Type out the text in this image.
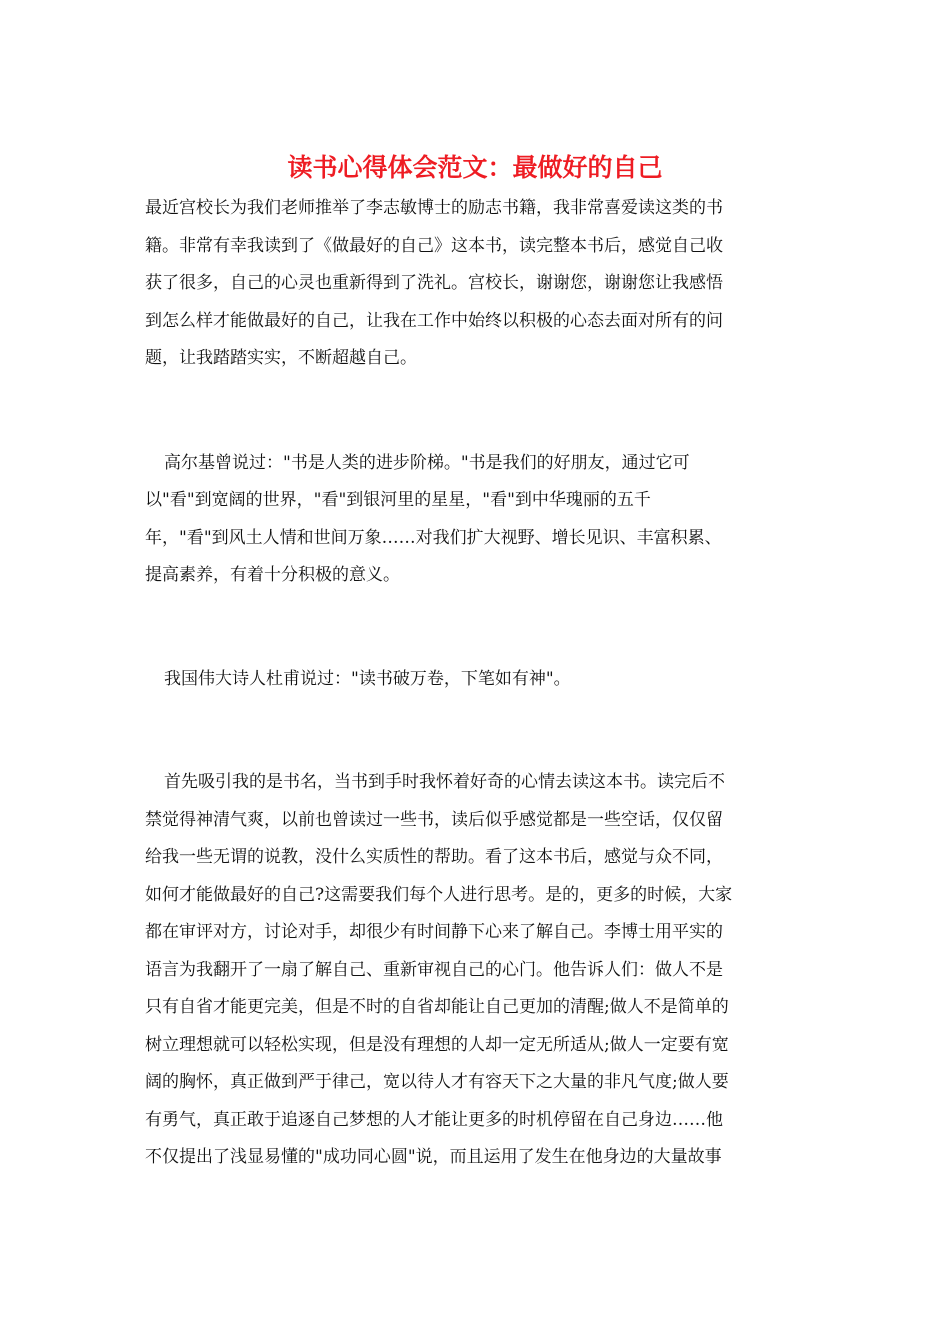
读书心得体会范文：最做好的自己

最近宫校长为我们老师推举了李志敏博士的励志书籍，我非常喜爱读这类的书

籍。非常有幸我读到了《做最好的自己》这本书，读完整本书后，感觉自己收

获了很多，自己的心灵也重新得到了洗礼。宫校长，谢谢您，谢谢您让我感悟

到怎么样才能做最好的自己，让我在工作中始终以积极的心态去面对所有的问

题，让我踏踏实实，不断超越自己。

高尔基曾说过："书是人类的进步阶梯。"书是我们的好朋友，通过它可

以"看"到宽阔的世界，"看"到银河里的星星，"看"到中华瑰丽的五千

年，"看"到风土人情和世间万象……对我们扩大视野、增长见识、丰富积累、

提高素养，有着十分积极的意义。

我国伟大诗人杜甫说过："读书破万卷，下笔如有神"。

首先吸引我的是书名，当书到手时我怀着好奇的心情去读这本书。读完后不

禁觉得神清气爽，以前也曾读过一些书，读后似乎感觉都是一些空话，仅仅留

给我一些无谓的说教，没什么实质性的帮助。看了这本书后，感觉与众不同，

如何才能做最好的自己?这需要我们每个人进行思考。是的，更多的时候，大家

都在审评对方，讨论对手，却很少有时间静下心来了解自己。李博士用平实的

语言为我翻开了一扇了解自己、重新审视自己的心门。他告诉人们：做人不是

只有自省才能更完美，但是不时的自省却能让自己更加的清醒;做人不是简单的

树立理想就可以轻松实现，但是没有理想的人却一定无所适从;做人一定要有宽

阔的胸怀，真正做到严于律己，宽以待人才有容天下之大量的非凡气度;做人要

有勇气，真正敢于追逐自己梦想的人才能让更多的时机停留在自己身边……他

不仅提出了浅显易懂的"成功同心圆"说，而且运用了发生在他身边的大量故事
